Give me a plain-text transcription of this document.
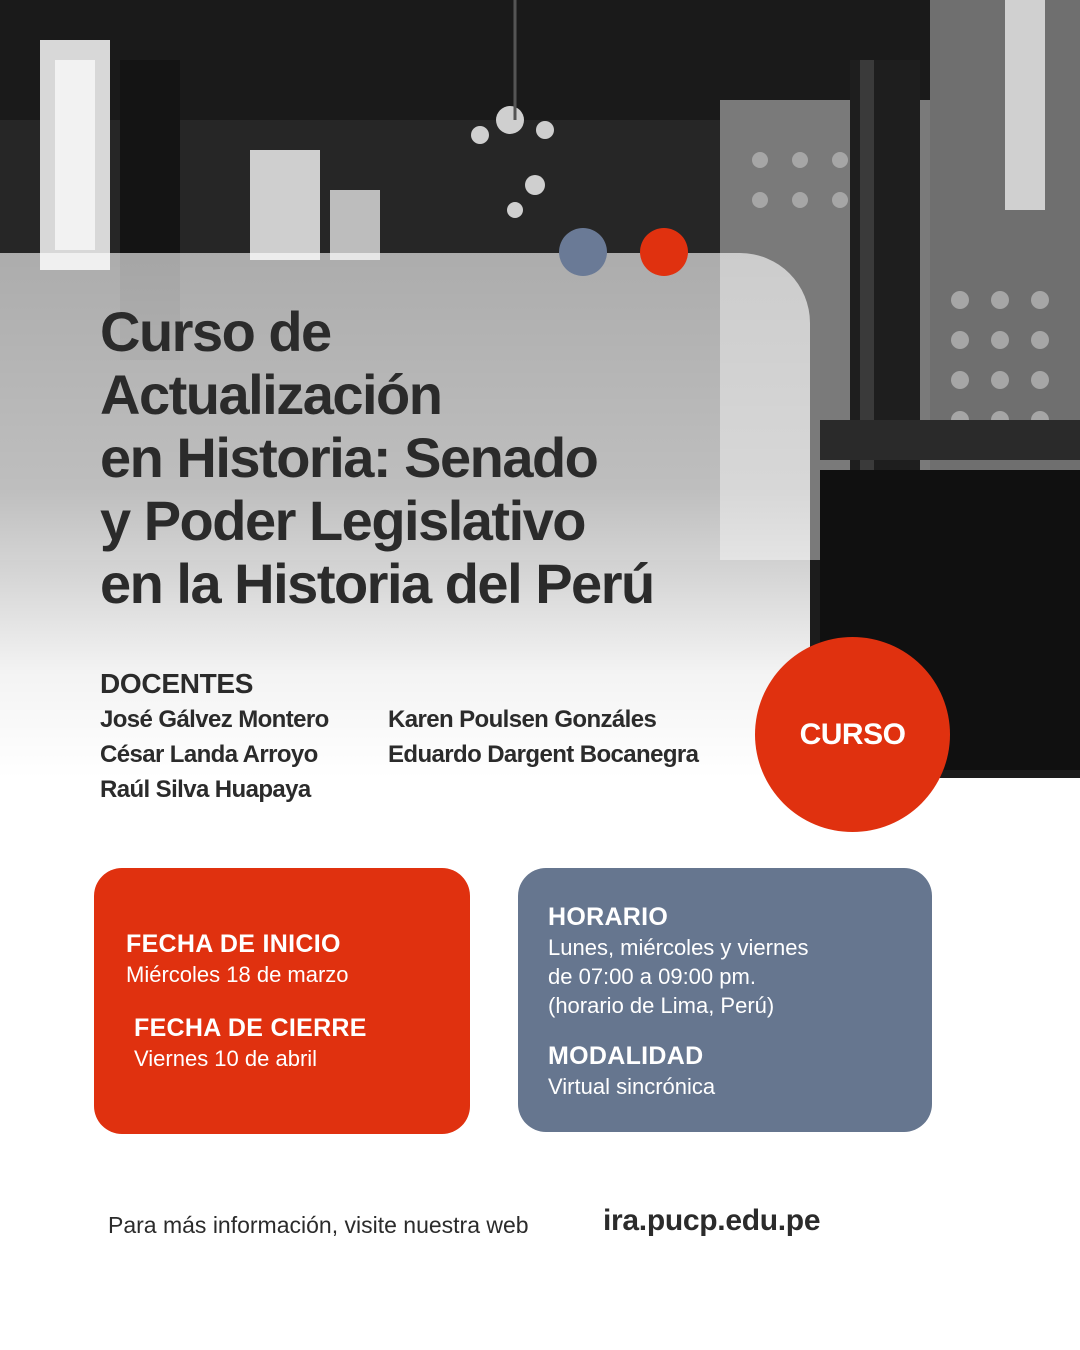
Curso de
Actualización
en Historia: Senado
y Poder Legislativo
en la Historia del Perú
DOCENTES
José Gálvez Montero
César Landa Arroyo
Raúl Silva Huapaya
Karen Poulsen Gonzáles
Eduardo Dargent Bocanegra
CURSO
FECHA DE INICIO
Miércoles 18 de marzo
FECHA DE CIERRE
Viernes 10 de abril
HORARIO
Lunes, miércoles y viernes
de 07:00 a 09:00 pm.
(horario de Lima, Perú)
MODALIDAD
Virtual sincrónica
Para más información, visite nuestra web ira.pucp.edu.pe
